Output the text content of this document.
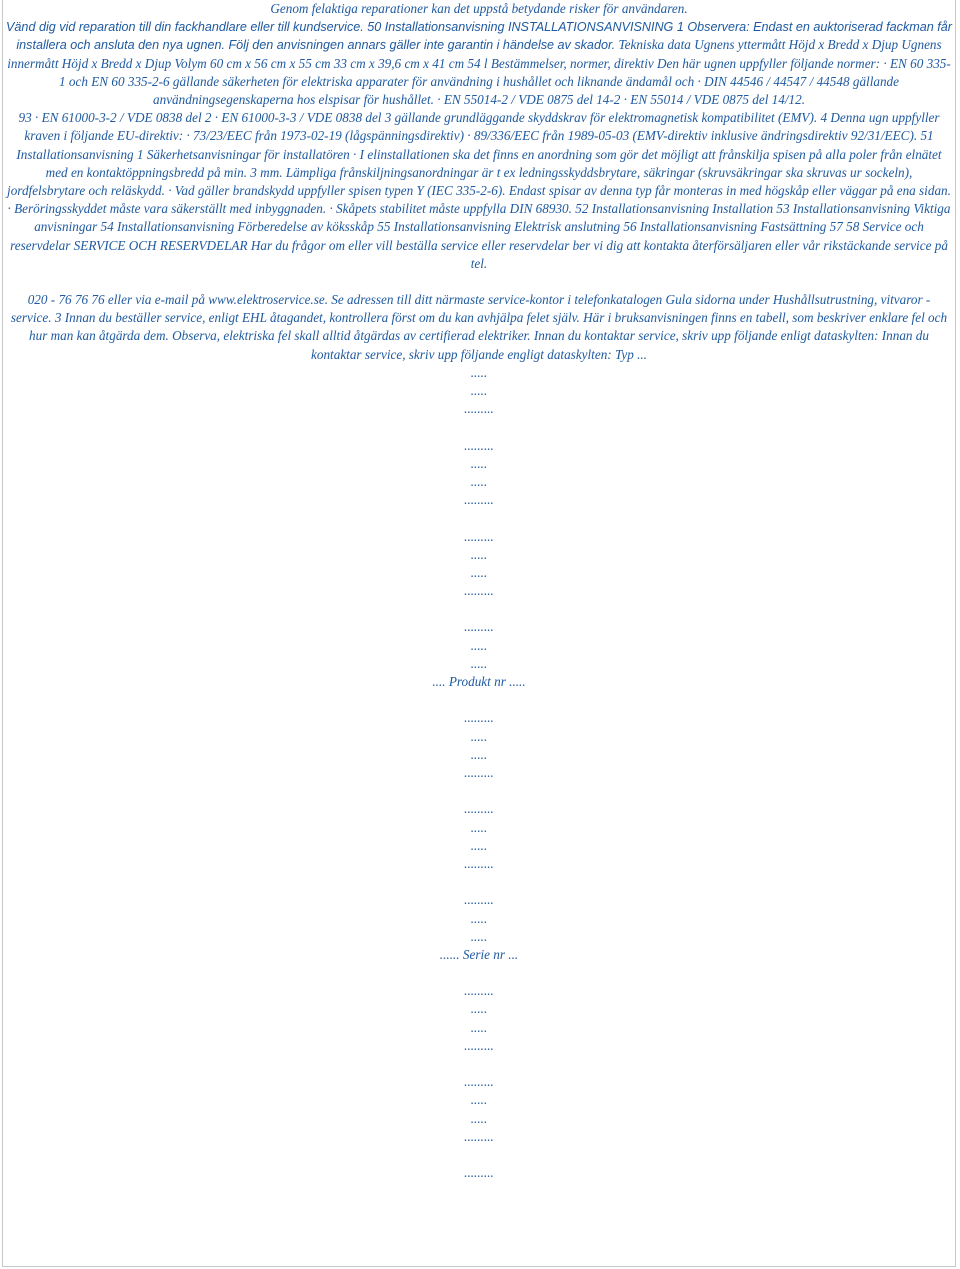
Genom felaktiga reparationer kan det uppstå betydande risker för användaren.

Vänd dig vid reparation till din fackhandlare eller till kundservice. 50 Installationsanvisning INSTALLATIONSANVISNING 1 Observera: Endast en auktoriserad fackman får installera och ansluta den nya ugnen. Följ den anvisningen annars gäller inte garantin i händelse av skador. Tekniska data Ugnens yttermått Höjd x Bredd x Djup Ugnens innermått Höjd x Bredd x Djup Volym 60 cm x 56 cm x 55 cm 33 cm x 39,6 cm x 41 cm 54 l Bestämmelser, normer, direktiv Den här ugnen uppfyller följande normer: · EN 60 335-1 och EN 60 335-2-6 gällande säkerheten för elektriska apparater för användning i hushållet och liknande ändamål och · DIN 44546 / 44547 / 44548 gällande användningsegenskaperna hos elspisar för hushållet. · EN 55014-2 / VDE 0875 del 14-2 · EN 55014 / VDE 0875 del 14/12.

93 · EN 61000-3-2 / VDE 0838 del 2 · EN 61000-3-3 / VDE 0838 del 3 gällande grundläggande skyddskrav för elektromagnetisk kompatibilitet (EMV). 4 Denna ugn uppfyller kraven i följande EU-direktiv: · 73/23/EEC från 1973-02-19 (lågspänningsdirektiv) · 89/336/EEC från 1989-05-03 (EMV-direktiv inklusive ändringsdirektiv 92/31/EEC). 51 Installationsanvisning 1 Säkerhetsanvisningar för installatören · I elinstallationen ska det finns en anordning som gör det möjligt att frånskilja spisen på alla poler från elnätet med en kontaktöppningsbredd på min. 3 mm. Lämpliga frånskiljningsanordningar är t ex ledningsskyddsbrytare, säkringar (skruvsäkringar ska skruvas ur sockeln), jordfelsbrytare och reläskydd. · Vad gäller brandskydd uppfyller spisen typen Y (IEC 335-2-6). Endast spisar av denna typ får monteras in med högskåp eller väggar på ena sidan. · Beröringsskyddet måste vara säkerställt med inbyggnaden. · Skåpets stabilitet måste uppfylla DIN 68930. 52 Installationsanvisning Installation 53 Installationsanvisning Viktiga anvisningar 54 Installationsanvisning Förberedelse av köksskåp 55 Installationsanvisning Elektrisk anslutning 56 Installationsanvisning Fastsättning 57 58 Service och reservdelar SERVICE OCH RESERVDELAR Har du frågor om eller vill beställa service eller reservdelar ber vi dig att kontakta återförsäljaren eller vår rikstäckande service på tel.

020 - 76 76 76 eller via e-mail på www.elektroservice.se. Se adressen till ditt närmaste service-kontor i telefonkatalogen Gula sidorna under Hushållsutrustning, vitvaror - service. 3 Innan du beställer service, enligt EHL åtagandet, kontrollera först om du kan avhjälpa felet själv. Här i bruksanvisningen finns en tabell, som beskriver enklare fel och hur man kan åtgärda dem. Observa, elektriska fel skall alltid åtgärdas av certifierad elektriker. Innan du kontaktar service, skriv upp följande enligt dataskylten: Innan du kontaktar service, skriv upp följande engligt dataskylten: Typ ...

.....
.....
.........
.........
.....
.....
.........
.........
.....
.....
.........
.........
.....
.....
.... Produkt nr .....
.........
.....
.....
.........
.........
.....
.....
.........
.........
.....
.....
...... Serie nr ...
.........
.....
.....
.........
.........
.....
.....
.........
.........
